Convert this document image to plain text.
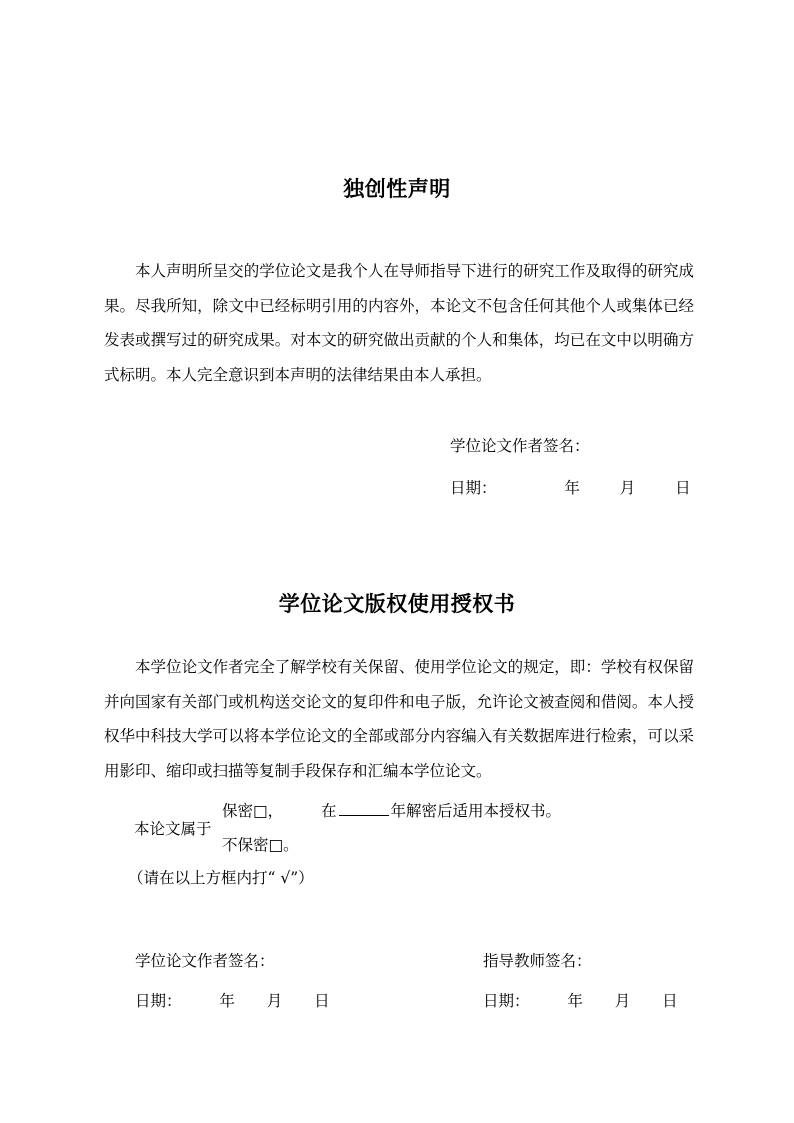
独创性声明
本人声明所呈交的学位论文是我个人在导师指导下进行的研究工作及取得的研究成果。尽我所知，除文中已经标明引用的内容外，本论文不包含任何其他个人或集体已经发表或撰写过的研究成果。对本文的研究做出贡献的个人和集体，均已在文中以明确方式标明。本人完全意识到本声明的法律结果由本人承担。
学位论文作者签名：
日期：	年	月	日
学位论文版权使用授权书
本学位论文作者完全了解学校有关保留、使用学位论文的规定，即：学校有权保留并向国家有关部门或机构送交论文的复印件和电子版，允许论文被查阅和借阅。本人授权华中科技大学可以将本学位论文的全部或部分内容编入有关数据库进行检索，可以采用影印、缩印或扫描等复制手段保存和汇编本学位论文。
保密□， 在	年解密后适用本授权书。
本论文属于
不保密□。
（请在以上方框内打“ √”）
学位论文作者签名：	指导教师签名：
日期： 年 月 日	日期： 年 月 日
